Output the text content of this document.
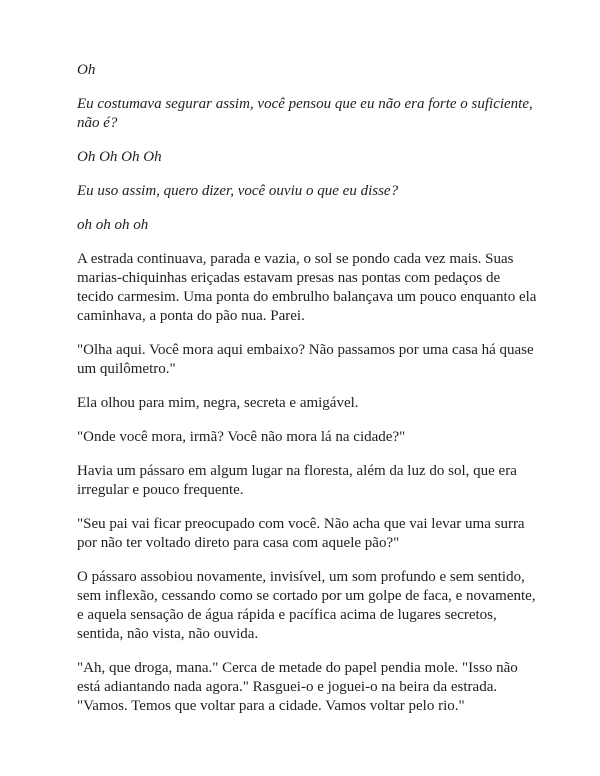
Oh

Eu costumava segurar assim, você pensou que eu não era forte o suficiente, não é?

Oh Oh Oh Oh

Eu uso assim, quero dizer, você ouviu o que eu disse?

oh oh oh oh

A estrada continuava, parada e vazia, o sol se pondo cada vez mais. Suas marias-chiquinhas eriçadas estavam presas nas pontas com pedaços de tecido carmesim. Uma ponta do embrulho balançava um pouco enquanto ela caminhava, a ponta do pão nua. Parei.

"Olha aqui. Você mora aqui embaixo? Não passamos por uma casa há quase um quilômetro."

Ela olhou para mim, negra, secreta e amigável.

"Onde você mora, irmã? Você não mora lá na cidade?"

Havia um pássaro em algum lugar na floresta, além da luz do sol, que era irregular e pouco frequente.

"Seu pai vai ficar preocupado com você. Não acha que vai levar uma surra por não ter voltado direto para casa com aquele pão?"

O pássaro assobiou novamente, invisível, um som profundo e sem sentido, sem inflexão, cessando como se cortado por um golpe de faca, e novamente, e aquela sensação de água rápida e pacífica acima de lugares secretos, sentida, não vista, não ouvida.

"Ah, que droga, mana." Cerca de metade do papel pendia mole. "Isso não está adiantando nada agora." Rasguei-o e joguei-o na beira da estrada. "Vamos. Temos que voltar para a cidade. Vamos voltar pelo rio."
